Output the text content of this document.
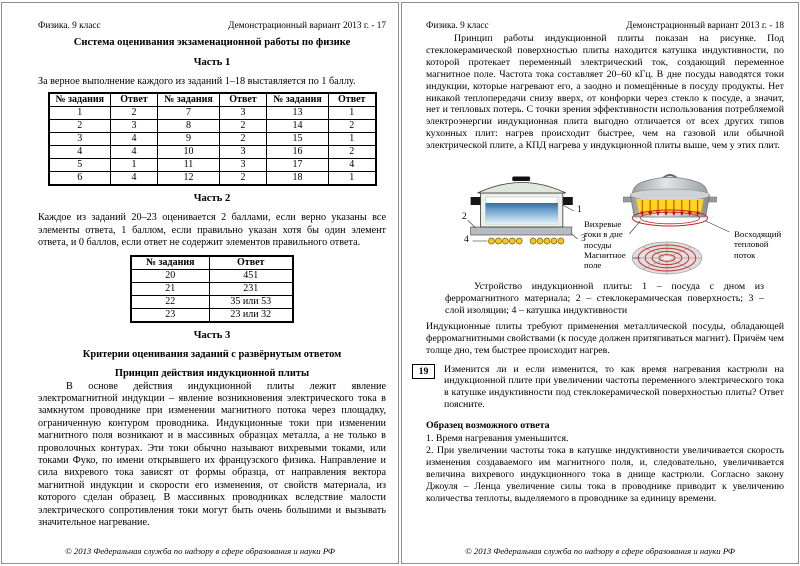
Физика. 9 класс	Демонстрационный вариант 2013 г. - 17
Система оценивания экзаменационной работы по физике
Часть 1

За верное выполнение каждого из заданий 1–18 выставляется по 1 баллу.

№ задания	Ответ	№ задания	Ответ	№ задания	Ответ
1	2	7	3	13	1
2	3	8	2	14	2
3	4	9	2	15	1
4	4	10	3	16	2
5	1	11	3	17	4
6	4	12	2	18	1
Часть 2

Каждое из заданий 20–23 оценивается 2 баллами, если верно указаны все элементы ответа, 1 баллом, если правильно указан хотя бы один элемент ответа, и 0 баллов, если ответ не содержит элементов правильного ответа.

№ задания	Ответ
20	451
21	231
22	35 или 53
23	23 или 32
Часть 3
Критерии оценивания заданий с развёрнутым ответом
Принцип действия индукционной плиты

В основе действия индукционной плиты лежит явление электромагнитной индукции – явление возникновения электрического тока в замкнутом проводнике при изменении магнитного потока через площадку, ограниченную контуром проводника. Индукционные токи при изменении магнитного поля возникают и в массивных образцах металла, а не только в проволочных контурах. Эти токи обычно называют вихревыми токами, или токами Фуко, по имени открывшего их французского физика. Направление и сила вихревого тока зависят от формы образца, от направления вектора магнитной индукции и скорости его изменения, от свойств материала, из которого сделан образец. В массивных проводниках вследствие малости электрического сопротивления токи могут быть очень большими и вызывать значительное нагревание.

© 2013 Федеральная служба по надзору в сфере образования и науки РФ
Физика. 9 класс	Демонстрационный вариант 2013 г. - 18

Принцип работы индукционной плиты показан на рисунке. Под стеклокерамической поверхностью плиты находится катушка индуктивности, по которой протекает переменный электрический ток, создающий переменное магнитное поле. Частота тока составляет 20–60 кГц. В дне посуды наводятся токи индукции, которые нагревают его, а заодно и помещённые в посуду продукты. Нет никакой теплопередачи снизу вверх, от конфорки через стекло к посуде, а значит, нет и тепловых потерь. С точки зрения эффективности использования потребляемой электроэнергии индукционная плита выгодно отличается от всех других типов кухонных плит: нагрев происходит быстрее, чем на газовой или обычной электрической плите, а КПД нагрева у индукционной плиты выше, чем у этих плит.

1
2
3
4
Вихревые токи в дне посуды
Восходящий тепловой поток
Магнитное поле

Устройство индукционной плиты: 1 – посуда с дном из ферромагнитного материала; 2 – стеклокерамическая поверхность; 3 – слой изоляции; 4 – катушка индуктивности

Индукционные плиты требуют применения металлической посуды, обладающей ферромагнитными свойствами (к посуде должен притягиваться магнит). Причём чем толще дно, тем быстрее происходит нагрев.

19	Изменится ли и если изменится, то как время нагревания кастрюли на индукционной плите при увеличении частоты переменного электрического тока в катушке индуктивности под стеклокерамической поверхностью плиты? Ответ поясните.

Образец возможного ответа

1. Время нагревания уменьшится.

2. При увеличении частоты тока в катушке индуктивности увеличивается скорость изменения создаваемого им магнитного поля, и, следовательно, увеличивается величина вихревого индукционного тока в днище кастрюли. Согласно закону Джоуля – Ленца увеличение силы тока в проводнике приводит к увеличению количества теплоты, выделяемого в проводнике за единицу времени.

© 2013 Федеральная служба по надзору в сфере образования и науки РФ
